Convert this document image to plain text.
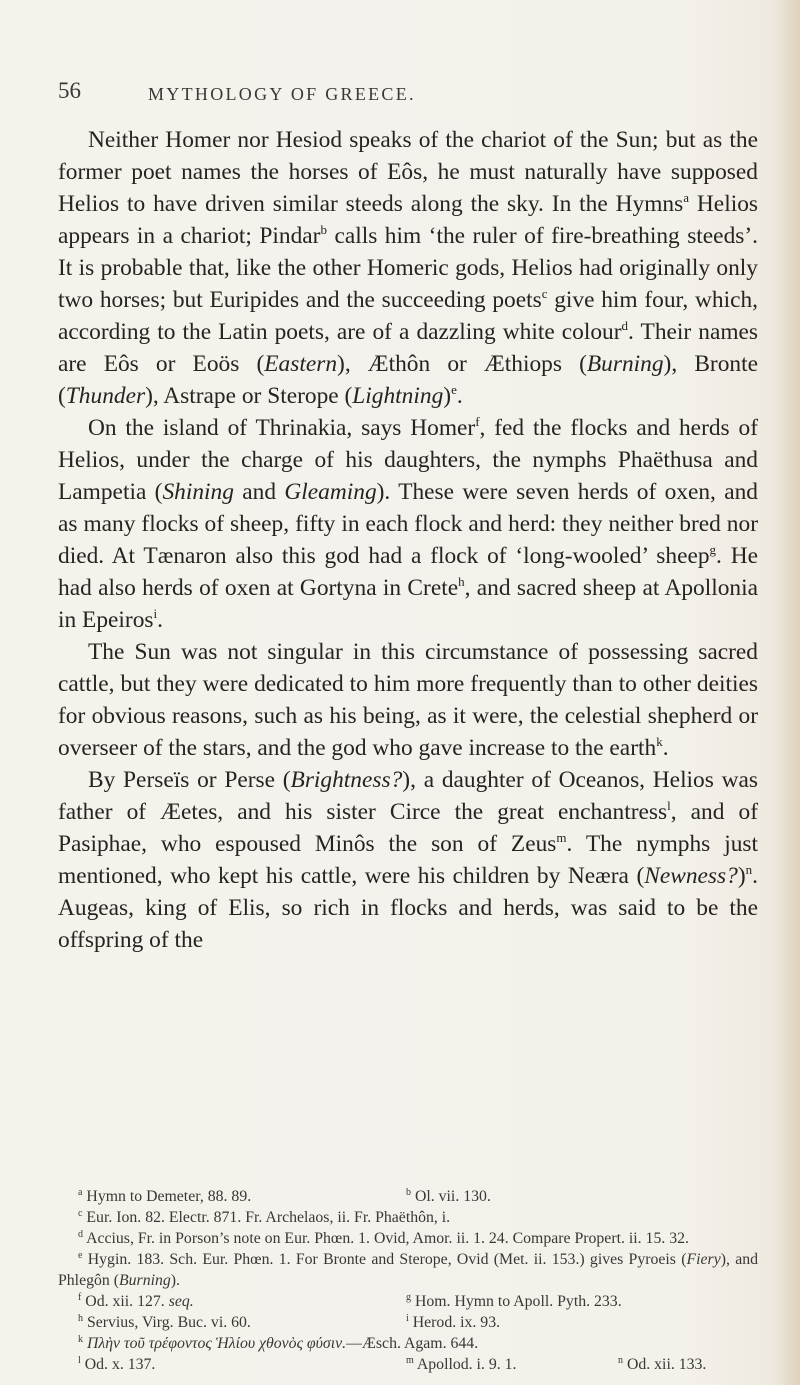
56	MYTHOLOGY OF GREECE.

Neither Homer nor Hesiod speaks of the chariot of the Sun; but as the former poet names the horses of Eôs, he must naturally have supposed Helios to have driven similar steeds along the sky. In the Hymns$^a$ Helios appears in a chariot; Pindar$^b$ calls him ‘the ruler of fire-breathing steeds’. It is probable that, like the other Homeric gods, Helios had originally only two horses; but Euripides and the succeeding poets$^c$ give him four, which, according to the Latin poets, are of a dazzling white colour$^d$. Their names are Eôs or Eoös (Eastern), Æthôn or Æthiops (Burning), Bronte (Thunder), Astrape or Sterope (Lightning)$^e$.

On the island of Thrinakia, says Homer$^f$, fed the flocks and herds of Helios, under the charge of his daughters, the nymphs Phaëthusa and Lampetia (Shining and Gleaming). These were seven herds of oxen, and as many flocks of sheep, fifty in each flock and herd: they neither bred nor died. At Tænaron also this god had a flock of ‘long-wooled’ sheep$^g$. He had also herds of oxen at Gortyna in Crete$^h$, and sacred sheep at Apollonia in Epeiros$^i$.

The Sun was not singular in this circumstance of possessing sacred cattle, but they were dedicated to him more frequently than to other deities for obvious reasons, such as his being, as it were, the celestial shepherd or overseer of the stars, and the god who gave increase to the earth$^k$.

By Perseïs or Perse (Brightness?), a daughter of Oceanos, Helios was father of Æetes, and his sister Circe the great enchantress$^l$, and of Pasiphae, who espoused Minôs the son of Zeus$^m$. The nymphs just mentioned, who kept his cattle, were his children by Neæra (Newness?)$^n$. Augeas, king of Elis, so rich in flocks and herds, was said to be the offspring of the

$^a$ Hymn to Demeter, 88. 89.	$^b$ Ol. vii. 130.
$^c$ Eur. Ion. 82. Electr. 871. Fr. Archelaos, ii. Fr. Phaëthôn, i.
$^d$ Accius, Fr. in Porson’s note on Eur. Phœn. 1. Ovid, Amor. ii. 1. 24. Compare Propert. ii. 15. 32.
$^e$ Hygin. 183. Sch. Eur. Phœn. 1. For Bronte and Sterope, Ovid (Met. ii. 153.) gives Pyroeis (Fiery), and Phlegôn (Burning).
$^f$ Od. xii. 127. seq.	$^g$ Hom. Hymn to Apoll. Pyth. 233.
$^h$ Servius, Virg. Buc. vi. 60.	$^i$ Herod. ix. 93.
$^k$ Πλὴν τοῦ τρέφοντος Ἡλίου χθονὸς φύσιν.—Æsch. Agam. 644.
$^l$ Od. x. 137.	$^m$ Apollod. i. 9. 1.	$^n$ Od. xii. 133.
